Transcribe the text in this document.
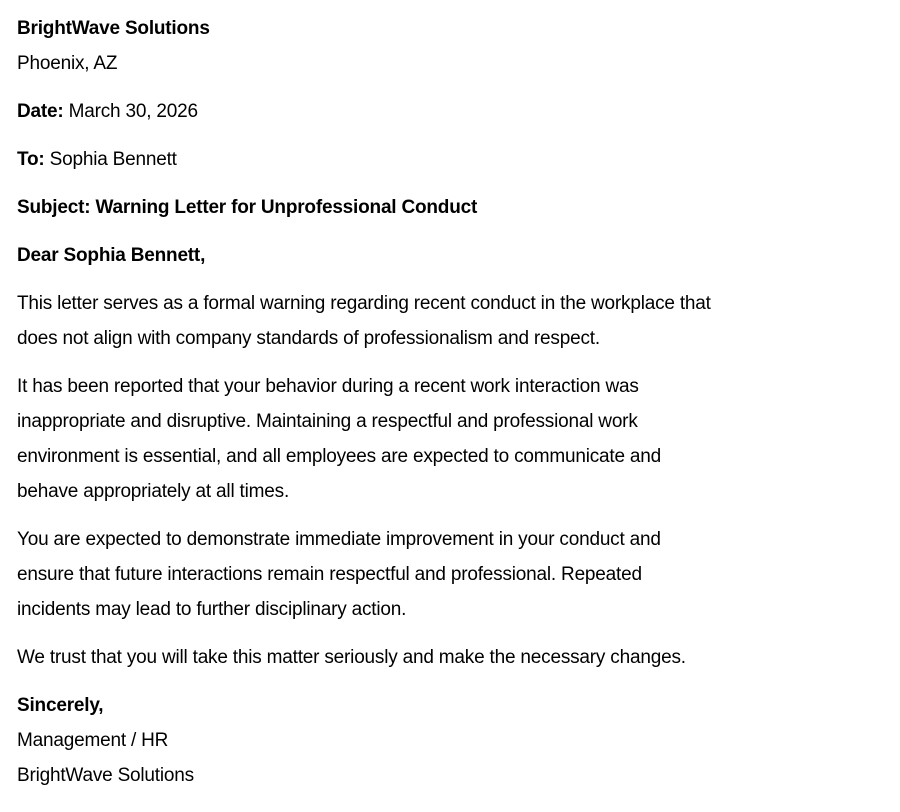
BrightWave Solutions
Phoenix, AZ
Date: March 30, 2026
To: Sophia Bennett
Subject: Warning Letter for Unprofessional Conduct
Dear Sophia Bennett,
This letter serves as a formal warning regarding recent conduct in the workplace that
does not align with company standards of professionalism and respect.
It has been reported that your behavior during a recent work interaction was
inappropriate and disruptive. Maintaining a respectful and professional work
environment is essential, and all employees are expected to communicate and
behave appropriately at all times.
You are expected to demonstrate immediate improvement in your conduct and
ensure that future interactions remain respectful and professional. Repeated
incidents may lead to further disciplinary action.
We trust that you will take this matter seriously and make the necessary changes.
Sincerely,
Management / HR
BrightWave Solutions
